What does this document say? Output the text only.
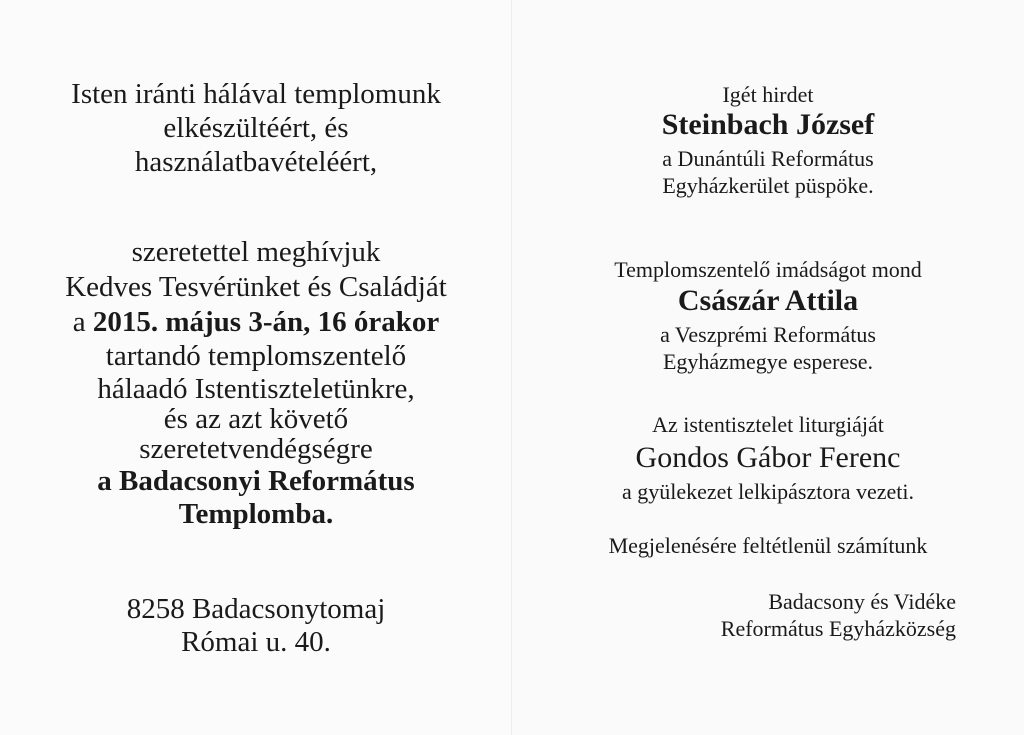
Isten iránti hálával templomunk
elkészültéért, és
használatbavételéért,
szeretettel meghívjuk
Kedves Tesvérünket és Családját
a 2015. május 3-án, 16 órakor
tartandó templomszentelő
hálaadó Istentiszteletünkre,
és az azt követő
szeretetvendégségre
a Badacsonyi Református
Templomba.
8258 Badacsonytomaj
Római u. 40.
Igét hirdet
Steinbach József
a Dunántúli Református
Egyházkerület püspöke.
Templomszentelő imádságot mond
Császár Attila
a Veszprémi Református
Egyházmegye esperese.
Az istentisztelet liturgiáját
Gondos Gábor Ferenc
a gyülekezet lelkipásztora vezeti.
Megjelenésére feltétlenül számítunk
Badacsony és Vidéke
Református Egyházközség
